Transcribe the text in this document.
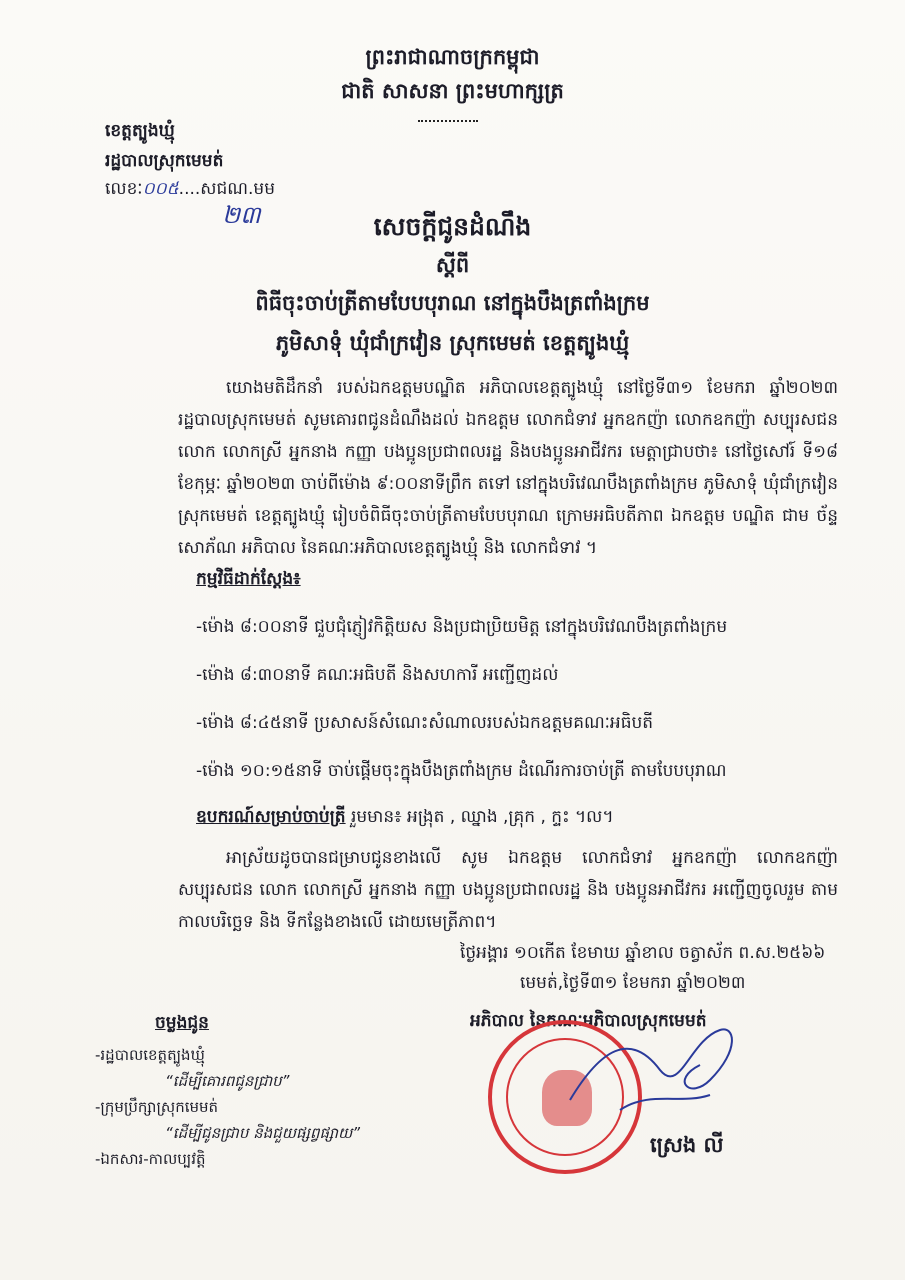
ព្រះរាជាណាចក្រកម្ពុជា
ជាតិ សាសនា ព្រះមហាក្សត្រ
ខេត្តត្បូងឃ្មុំ
រដ្ឋបាលស្រុកមេមត់
លេខៈ០០៥....សជណ.មម
២៣	សេចក្តីជូនដំណឹង
ស្តីពី
ពិធីចុះចាប់ត្រីតាមបែបបុរាណ នៅក្នុងបឹងត្រពាំងក្រម
ភូមិសាទុំ ឃុំជាំក្រវៀន ស្រុកមេមត់ ខេត្តត្បូងឃ្មុំ

យោងមតិដឹកនាំ របស់ឯកឧត្តមបណ្ឌិត អភិបាលខេត្តត្បូងឃ្មុំ នៅថ្ងៃទី៣១ ខែមករា ឆ្នាំ២០២៣ រដ្ឋបាលស្រុកមេមត់ សូមគោរពជូនដំណឹងដល់ ឯកឧត្តម លោកជំទាវ អ្នកឧកញ៉ា លោកឧកញ៉ា សប្បុរសជន លោក លោកស្រី អ្នកនាង កញ្ញា បងប្អូនប្រជាពលរដ្ឋ និងបងប្អូនអាជីវករ មេត្តាជ្រាបថា៖ នៅថ្ងៃសៅរ៍ ទី១៨ ខែកុម្ភៈ ឆ្នាំ២០២៣ ចាប់ពីម៉ោង ៩:០០នាទីព្រឹក តទៅ នៅក្នុងបរិវេណបឹងត្រពាំងក្រម ភូមិសាទុំ ឃុំជាំក្រវៀន ស្រុកមេមត់ ខេត្តត្បូងឃ្មុំ រៀបចំពិធីចុះចាប់ត្រីតាមបែបបុរាណ ក្រោមអធិបតីភាព ឯកឧត្តម បណ្ឌិត ជាម ច័ន្ទសោភ័ណ អភិបាល នៃគណៈអភិបាលខេត្តត្បូងឃ្មុំ និង លោកជំទាវ ។

កម្មវិធីដាក់ស្តែង៖
-ម៉ោង ៨:០០នាទី ជួបជុំភ្ញៀវកិត្តិយស និងប្រជាប្រិយមិត្ត នៅក្នុងបរិវេណបឹងត្រពាំងក្រម
-ម៉ោង ៨:៣០នាទី គណៈអធិបតី និងសហការី អញ្ជើញដល់
-ម៉ោង ៨:៤៥នាទី ប្រសាសន៍សំណេះសំណាលរបស់ឯកឧត្តមគណៈអធិបតី
-ម៉ោង ១០:១៥នាទី ចាប់ផ្តើមចុះក្នុងបឹងត្រពាំងក្រម ដំណើរការចាប់ត្រី តាមបែបបុរាណ
ឧបករណ៍សម្រាប់ចាប់ត្រី រួមមាន៖ អង្រុត , ឈ្នាង ,គ្រុក , ក្ទះ ។ល។

អាស្រ័យដូចបានជម្រាបជូនខាងលើ សូម ឯកឧត្តម លោកជំទាវ អ្នកឧកញ៉ា លោកឧកញ៉ា សប្បុរសជន លោក លោកស្រី អ្នកនាង កញ្ញា បងប្អូនប្រជាពលរដ្ឋ និង បងប្អូនអាជីវករ អញ្ជើញចូលរួម តាមកាលបរិច្ឆេទ និង ទីកន្លែងខាងលើ ដោយមេត្រីភាព។

ថ្ងៃអង្គារ ១០កើត ខែមាឃ ឆ្នាំខាល ចត្វាស័ក ព.ស.២៥៦៦
មេមត់,ថ្ងៃទី៣១ ខែមករា ឆ្នាំ២០២៣
អភិបាល នៃគណៈអភិបាលស្រុកមេមត់
ស្រេង លី
ចម្លងជូន
-រដ្ឋបាលខេត្តត្បូងឃ្មុំ
“ដើម្បីគោរពជូនជ្រាប”
-ក្រុមប្រឹក្សាស្រុកមេមត់
“ដើម្បីជូនជ្រាប និងជួយផ្សព្វផ្សាយ”
-ឯកសារ-កាលប្បវត្តិ
